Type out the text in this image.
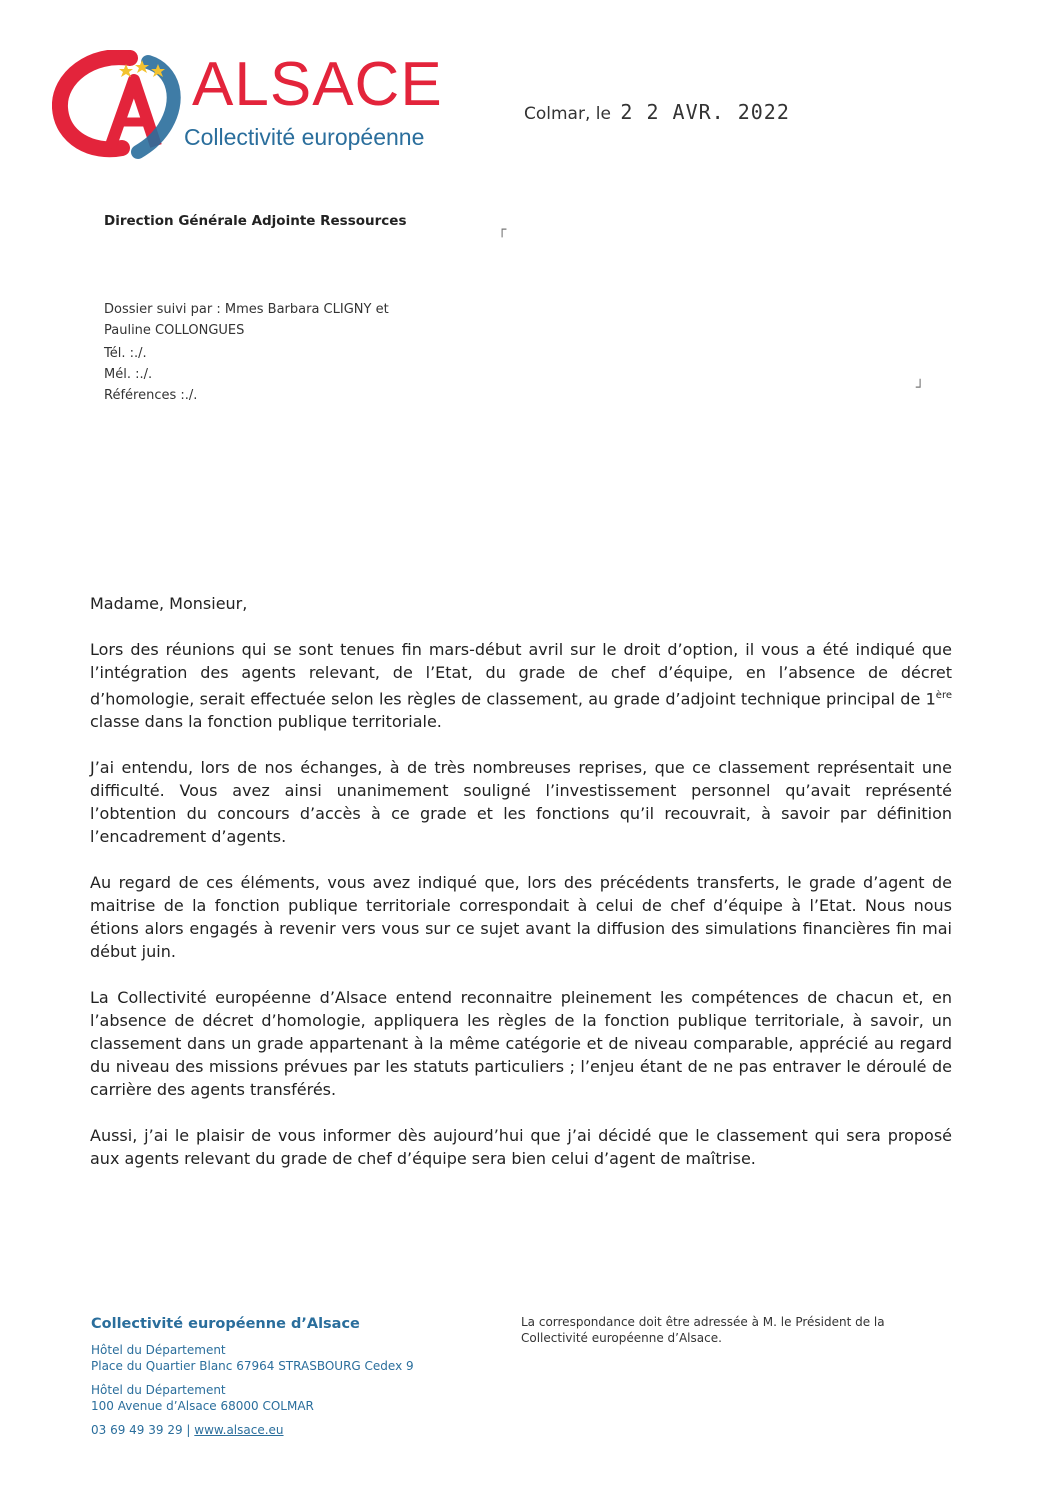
ALSACE
Collectivité européenne
Colmar, le 2 2 AVR. 2022
Direction Générale Adjointe Ressources
┌
Dossier suivi par : Mmes Barbara CLIGNY et
Pauline COLLONGUES
Tél. :./.
Mél. :./.
Références :./.	┘

Madame, Monsieur,

Lors des réunions qui se sont tenues fin mars-début avril sur le droit d’option, il vous a été indiqué que l’intégration des agents relevant, de l’Etat, du grade de chef d’équipe, en l’absence de décret d’homologie, serait effectuée selon les règles de classement, au grade d’adjoint technique principal de 1ère classe dans la fonction publique territoriale.

J’ai entendu, lors de nos échanges, à de très nombreuses reprises, que ce classement représentait une difficulté. Vous avez ainsi unanimement souligné l’investissement personnel qu’avait représenté l’obtention du concours d’accès à ce grade et les fonctions qu’il recouvrait, à savoir par définition l’encadrement d’agents.

Au regard de ces éléments, vous avez indiqué que, lors des précédents transferts, le grade d’agent de maitrise de la fonction publique territoriale correspondait à celui de chef d’équipe à l’Etat. Nous nous étions alors engagés à revenir vers vous sur ce sujet avant la diffusion des simulations financières fin mai début juin.

La Collectivité européenne d’Alsace entend reconnaitre pleinement les compétences de chacun et, en l’absence de décret d’homologie, appliquera les règles de la fonction publique territoriale, à savoir, un classement dans un grade appartenant à la même catégorie et de niveau comparable, apprécié au regard du niveau des missions prévues par les statuts particuliers ; l’enjeu étant de ne pas entraver le déroulé de carrière des agents transférés.

Aussi, j’ai le plaisir de vous informer dès aujourd’hui que j’ai décidé que le classement qui sera proposé aux agents relevant du grade de chef d’équipe sera bien celui d’agent de maîtrise.

Collectivité européenne d’Alsace
Hôtel du Département
Place du Quartier Blanc 67964 STRASBOURG Cedex 9
Hôtel du Département
100 Avenue d’Alsace 68000 COLMAR
03 69 49 39 29 | www.alsace.eu
La correspondance doit être adressée à M. le Président de la
Collectivité européenne d’Alsace.
